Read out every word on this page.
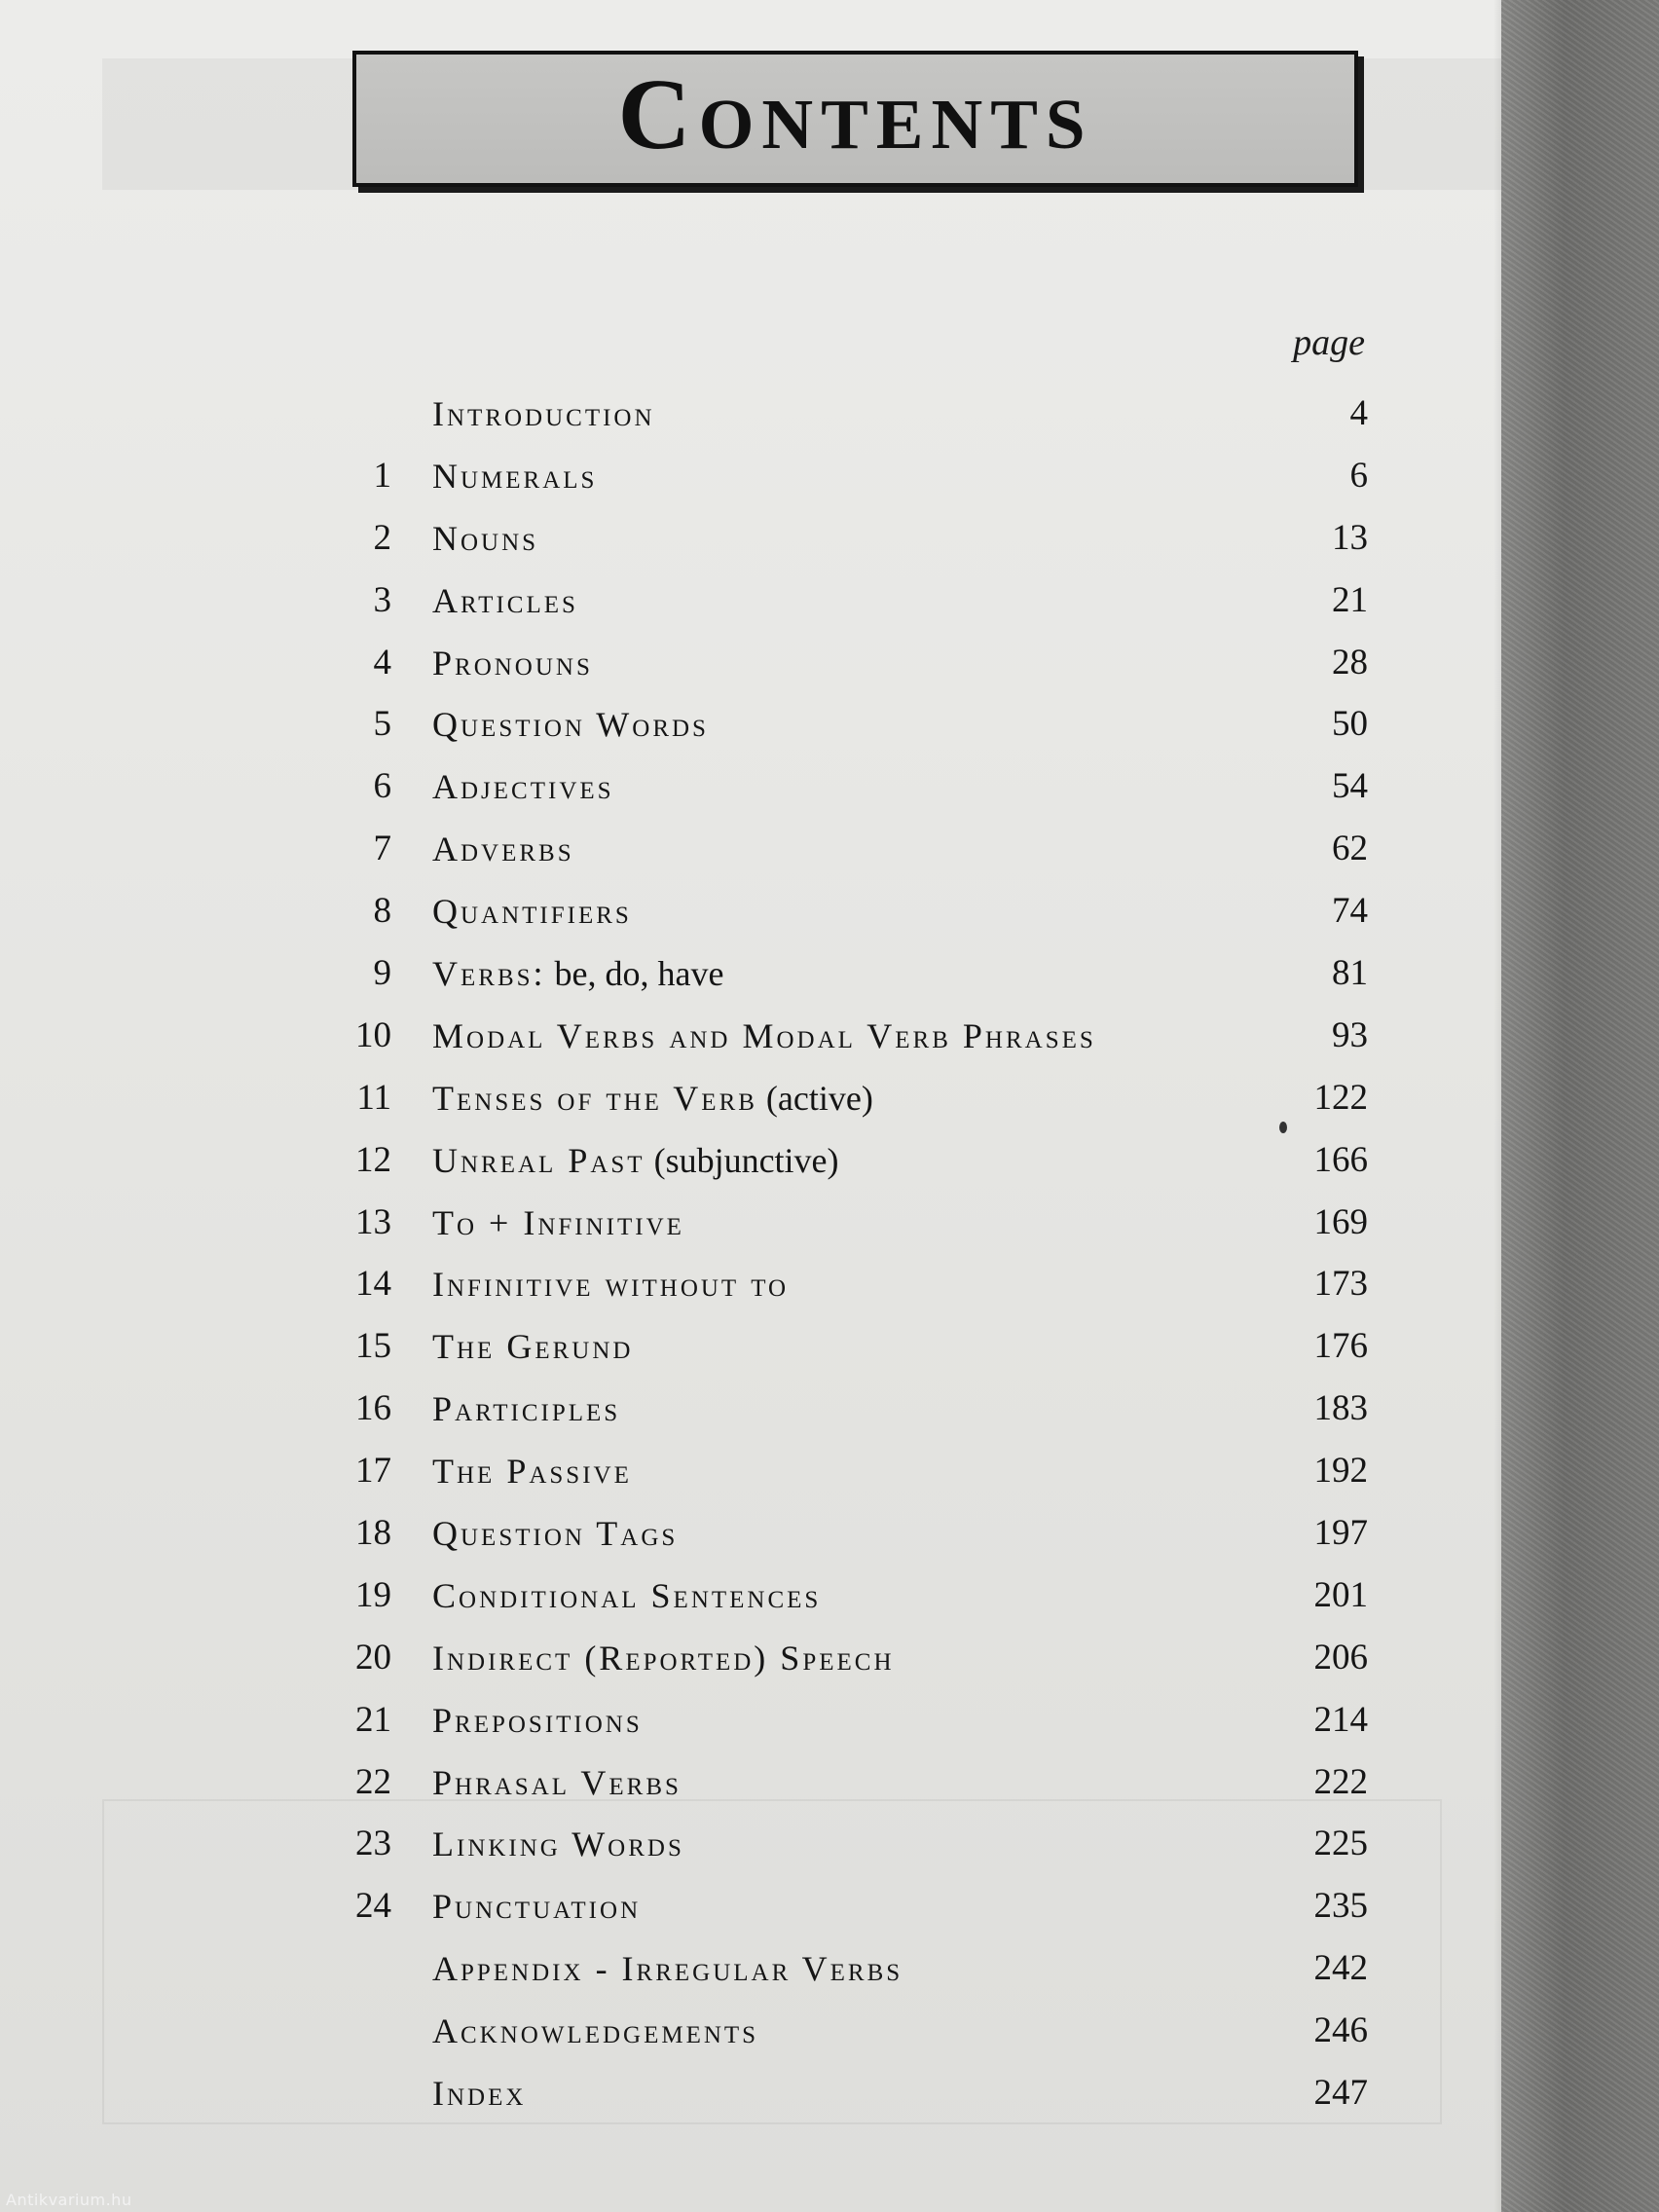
Contents
page
Introduction	4
1 Numerals	6
2 Nouns	13
3 Articles	21
4 Pronouns	28
5 Question Words	50
6 Adjectives	54
7 Adverbs	62
8 Quantifiers	74
9 Verbs: be, do, have	81
10 Modal Verbs and Modal Verb Phrases	93
11 Tenses of the Verb (active)	122
12 Unreal Past (subjunctive)	166
13 To + Infinitive	169
14 Infinitive without to	173
15 The Gerund	176
16 Participles	183
17 The Passive	192
18 Question Tags	197
19 Conditional Sentences	201
20 Indirect (Reported) Speech	206
21 Prepositions	214
22 Phrasal Verbs	222
23 Linking Words	225
24 Punctuation	235
Appendix - Irregular Verbs	242
Acknowledgements	246
Index	247
Antikvarium.hu
